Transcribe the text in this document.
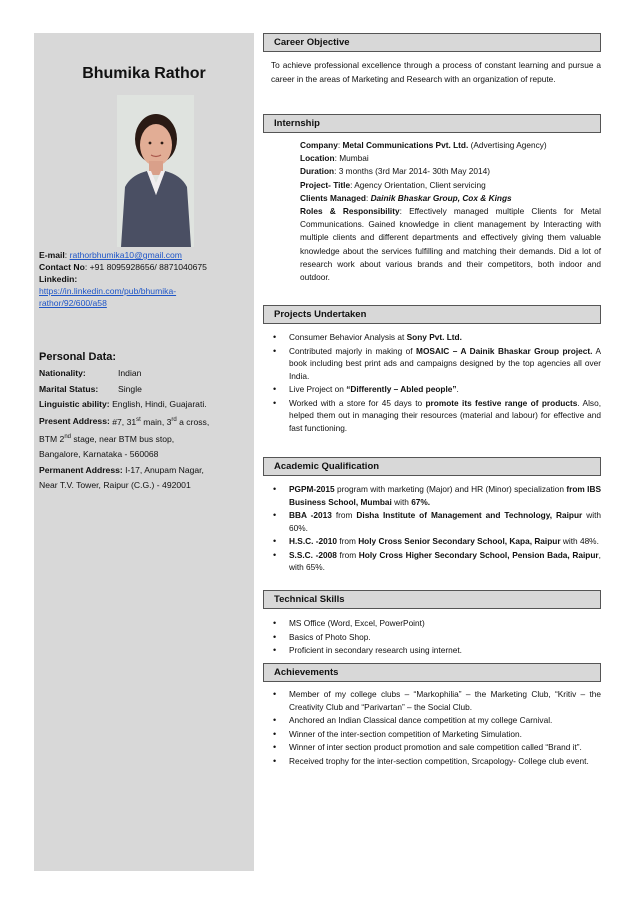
Bhumika Rathor
E-mail: rathorbhumika10@gmail.com
Contact No: +91 8095928656/ 8871040675
Linkedin:
https://in.linkedin.com/pub/bhumika-
rathor/92/600/a58
Personal Data:
Nationality:	Indian
Marital Status: Single
Linguistic ability: English, Hindi, Guajarati.
Present Address: #7, 31st main, 3rd a cross,
BTM 2nd stage, near BTM bus stop,
Bangalore, Karnataka - 560068
Permanent Address: I-17, Anupam Nagar,
Near T.V. Tower, Raipur (C.G.) - 492001
Career Objective
To achieve professional excellence through a process of constant learning and pursue a career in the areas of Marketing and Research with an organization of repute.
Internship
Company: Metal Communications Pvt. Ltd. (Advertising Agency)
Location: Mumbai
Duration: 3 months (3rd Mar 2014- 30th May 2014)
Project- Title: Agency Orientation, Client servicing
Clients Managed: Dainik Bhaskar Group, Cox & Kings
Roles & Responsibility: Effectively managed multiple Clients for Metal Communications. Gained knowledge in client management by Interacting with multiple clients and different departments and effectively giving them valuable knowledge about the services fulfilling and matching their demands. Did a lot of research work about various brands and their competitors, both indoor and outdoor.
Projects Undertaken
• Consumer Behavior Analysis at Sony Pvt. Ltd.
• Contributed majorly in making of MOSAIC – A Dainik Bhaskar Group project. A book including best print ads and campaigns designed by the top agencies all over India.
• Live Project on “Differently – Abled people”.
• Worked with a store for 45 days to promote its festive range of products. Also, helped them out in managing their resources (material and labour) for effective and fast functioning.
Academic Qualification
• PGPM-2015 program with marketing (Major) and HR (Minor) specialization from IBS Business School, Mumbai with 67%.
• BBA -2013 from Disha Institute of Management and Technology, Raipur with 60%.
• H.S.C. -2010 from Holy Cross Senior Secondary School, Kapa, Raipur with 48%.
• S.S.C. -2008 from Holy Cross Higher Secondary School, Pension Bada, Raipur, with 65%.
Technical Skills
• MS Office (Word, Excel, PowerPoint)
• Basics of Photo Shop.
• Proficient in secondary research using internet.
Achievements
• Member of my college clubs – “Markophilia” – the Marketing Club, “Kritiv – the Creativity Club and “Parivartan” – the Social Club.
• Anchored an Indian Classical dance competition at my college Carnival.
• Winner of the inter-section competition of Marketing Simulation.
• Winner of inter section product promotion and sale competition called “Brand it”.
• Received trophy for the inter-section competition, Srcapology- College club event.
